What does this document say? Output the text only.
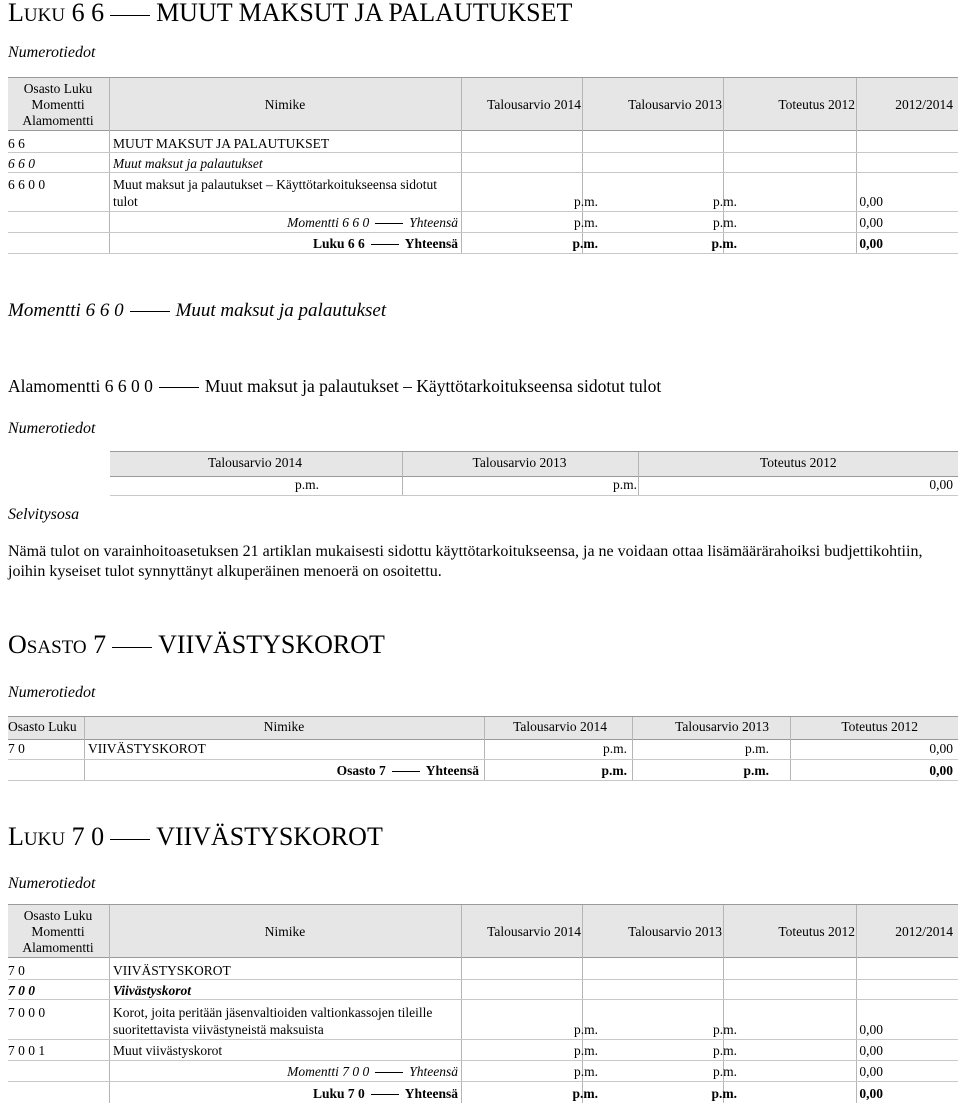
LUKU 6 6 MUUT MAKSUT JA PALAUTUKSET
Numerotiedot
Osasto Luku
Momentti
Alamomentti
Nimike	Talousarvio 2014	Talousarvio 2013	Toteutus 2012	2012/2014
6 6	MUUT MAKSUT JA PALAUTUKSET
6 6 0	Muut maksut ja palautukset
6 6 0 0	Muut maksut ja palautukset – Käyttötarkoitukseensa sidotut
tulot	p.m.	p.m.	0,00
Momentti 6 6 0	Yhteensä	p.m.	p.m.	0,00
Luku 6 6	Yhteensä	p.m.	p.m.	0,00
Momentti 6 6 0	Muut maksut ja palautukset
Alamomentti 6 6 0 0	Muut maksut ja palautukset – Käyttötarkoitukseensa sidotut tulot
Numerotiedot
Talousarvio 2014	Talousarvio 2013	Toteutus 2012
p.m.	p.m.	0,00
Selvitysosa
Nämä tulot on varainhoitoasetuksen 21 artiklan mukaisesti sidottu käyttötarkoitukseensa, ja ne voidaan ottaa lisämäärärahoiksi budjettikohtiin, joihin kyseiset tulot synnyttänyt alkuperäinen menoerä on osoitettu.
OSASTO 7 VIIVÄSTYSKOROT
Numerotiedot
Osasto Luku	Nimike	Talousarvio 2014	Talousarvio 2013	Toteutus 2012
7 0	VIIVÄSTYSKOROT	p.m.	p.m.	0,00
Osasto 7	Yhteensä	p.m.	p.m.	0,00
LUKU 7 0 VIIVÄSTYSKOROT
Numerotiedot
Osasto Luku
Momentti
Alamomentti
Nimike	Talousarvio 2014	Talousarvio 2013	Toteutus 2012	2012/2014
7 0	VIIVÄSTYSKOROT
7 0 0	Viivästyskorot
7 0 0 0	Korot, joita peritään jäsenvaltioiden valtionkassojen tileille
suoritettavista viivästyneistä maksuista	p.m.	p.m.	0,00
7 0 0 1	Muut viivästyskorot	p.m.	p.m.	0,00
Momentti 7 0 0	Yhteensä	p.m.	p.m.	0,00
Luku 7 0	Yhteensä	p.m.	p.m.	0,00
